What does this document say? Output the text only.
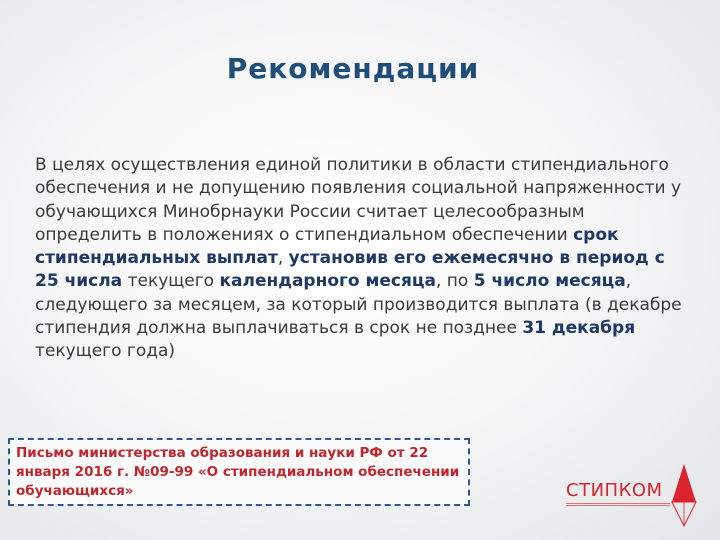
Рекомендации
В целях осуществления единой политики в области стипендиального обеспечения и не допущению появления социальной напряженности у обучающихся Минобрнауки России считает целесообразным определить в положениях о стипендиальном обеспечении срок стипендиальных выплат, установив его ежемесячно в период с 25 числа текущего календарного месяца, по 5 число месяца, следующего за месяцем, за который производится выплата (в декабре стипендия должна выплачиваться в срок не позднее 31 декабря текущего года)
Письмо министерства образования и науки РФ от 22 января 2016 г. №09-99 «О стипендиальном обеспечении обучающихся»	СТИПКОМ
